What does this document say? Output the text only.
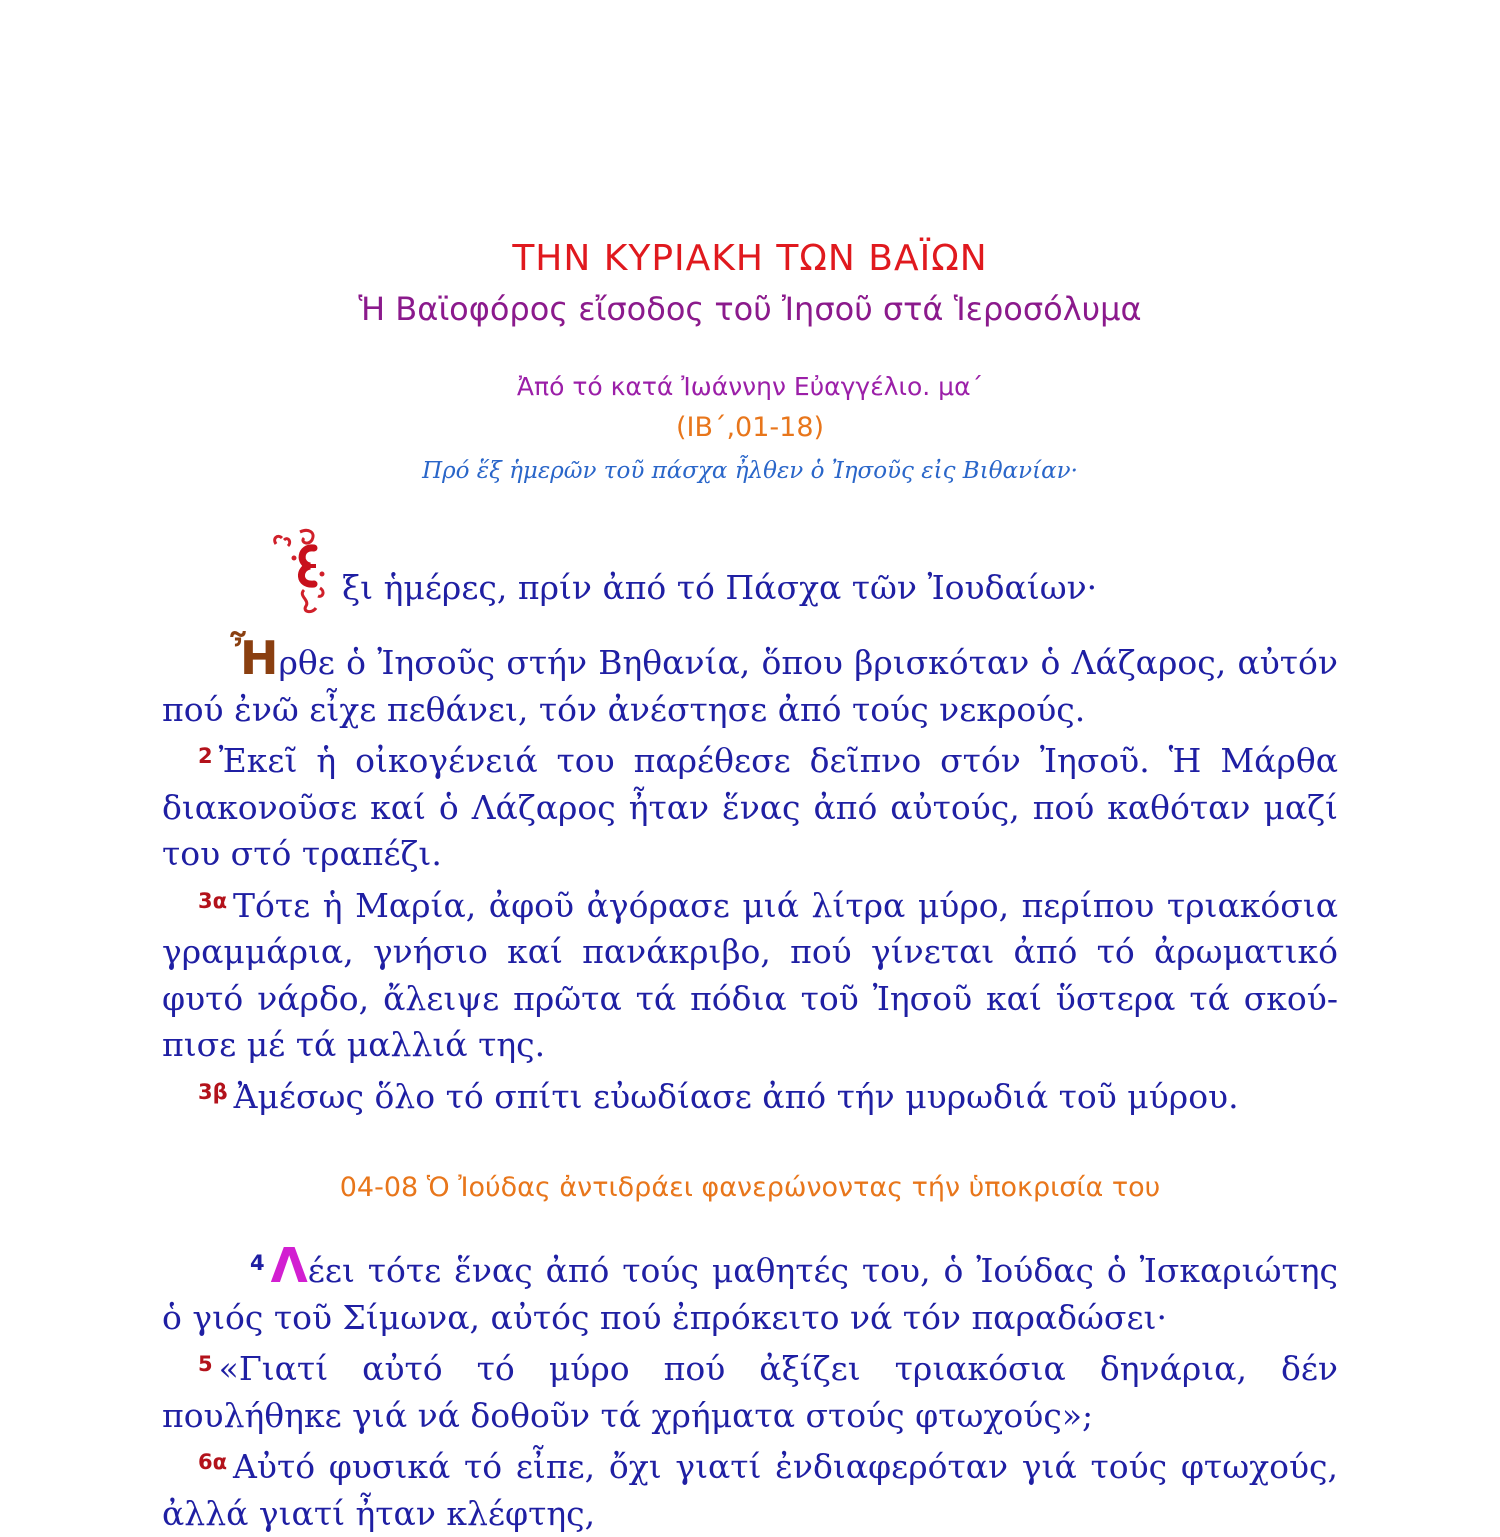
ΤΗΝ ΚΥΡΙΑΚΗ ΤΩΝ ΒΑΪΩΝ
Ἡ Βαϊοφόρος εἴσοδος τοῦ Ἰησοῦ στά Ἱεροσόλυμα
Ἀπό τό κατά Ἰωάννην Εὐαγγέλιο. μα΄
(ΙΒ΄,01-18)
Πρό ἕξ ἡμερῶν τοῦ πάσχα ἦλθεν ὁ Ἰησοῦς εἰς Βιθανίαν·
ξι ἡμέρες, πρίν ἀπό τό Πάσχα τῶν Ἰουδαίων·
Ἦρθε ὁ Ἰησοῦς στήν Βηθανία, ὅπου βρισκόταν ὁ Λάζαρος, αὐτόν πού ἐνῶ εἶχε πεθάνει, τόν ἀνέστησε ἀπό τούς νεκρούς.
$^2$ Ἐκεῖ ἡ οἰκογένειά του παρέθεσε δεῖπνο στόν Ἰησοῦ. Ἡ Μάρθα διακονοῦσε καί ὁ Λάζαρος ἦταν ἕνας ἀπό αὐτούς, πού καθόταν μαζί του στό τραπέζι.
$^{3\alpha}$ Τότε ἡ Μαρία, ἀφοῦ ἀγόρασε μιά λίτρα μύρο, περίπου τριακόσια γραμμάρια, γνήσιο καί πανάκριβο, πού γίνεται ἀπό τό ἀρωματικό φυτό νάρδο, ἄλειψε πρῶτα τά πόδια τοῦ Ἰησοῦ καί ὕστερα τά σκού-πισε μέ τά μαλλιά της.
$^{3\beta}$ Ἀμέσως ὅλο τό σπίτι εὐωδίασε ἀπό τήν μυρωδιά τοῦ μύρου.
04-08 Ὁ Ἰούδας ἀντιδράει φανερώνοντας τήν ὑποκρισία του
$^4$ Λέει τότε ἕνας ἀπό τούς μαθητές του, ὁ Ἰούδας ὁ Ἰσκαριώτης ὁ γιός τοῦ Σίμωνα, αὐτός πού ἐπρόκειτο νά τόν παραδώσει·
$^5$ «Γιατί αὐτό τό μύρο πού ἀξίζει τριακόσια δηνάρια, δέν πουλήθηκε γιά νά δοθοῦν τά χρήματα στούς φτωχούς»;
$^{6\alpha}$ Αὐτό φυσικά τό εἶπε, ὄχι γιατί ἐνδιαφερόταν γιά τούς φτωχούς, ἀλλά γιατί ἦταν κλέφτης,
